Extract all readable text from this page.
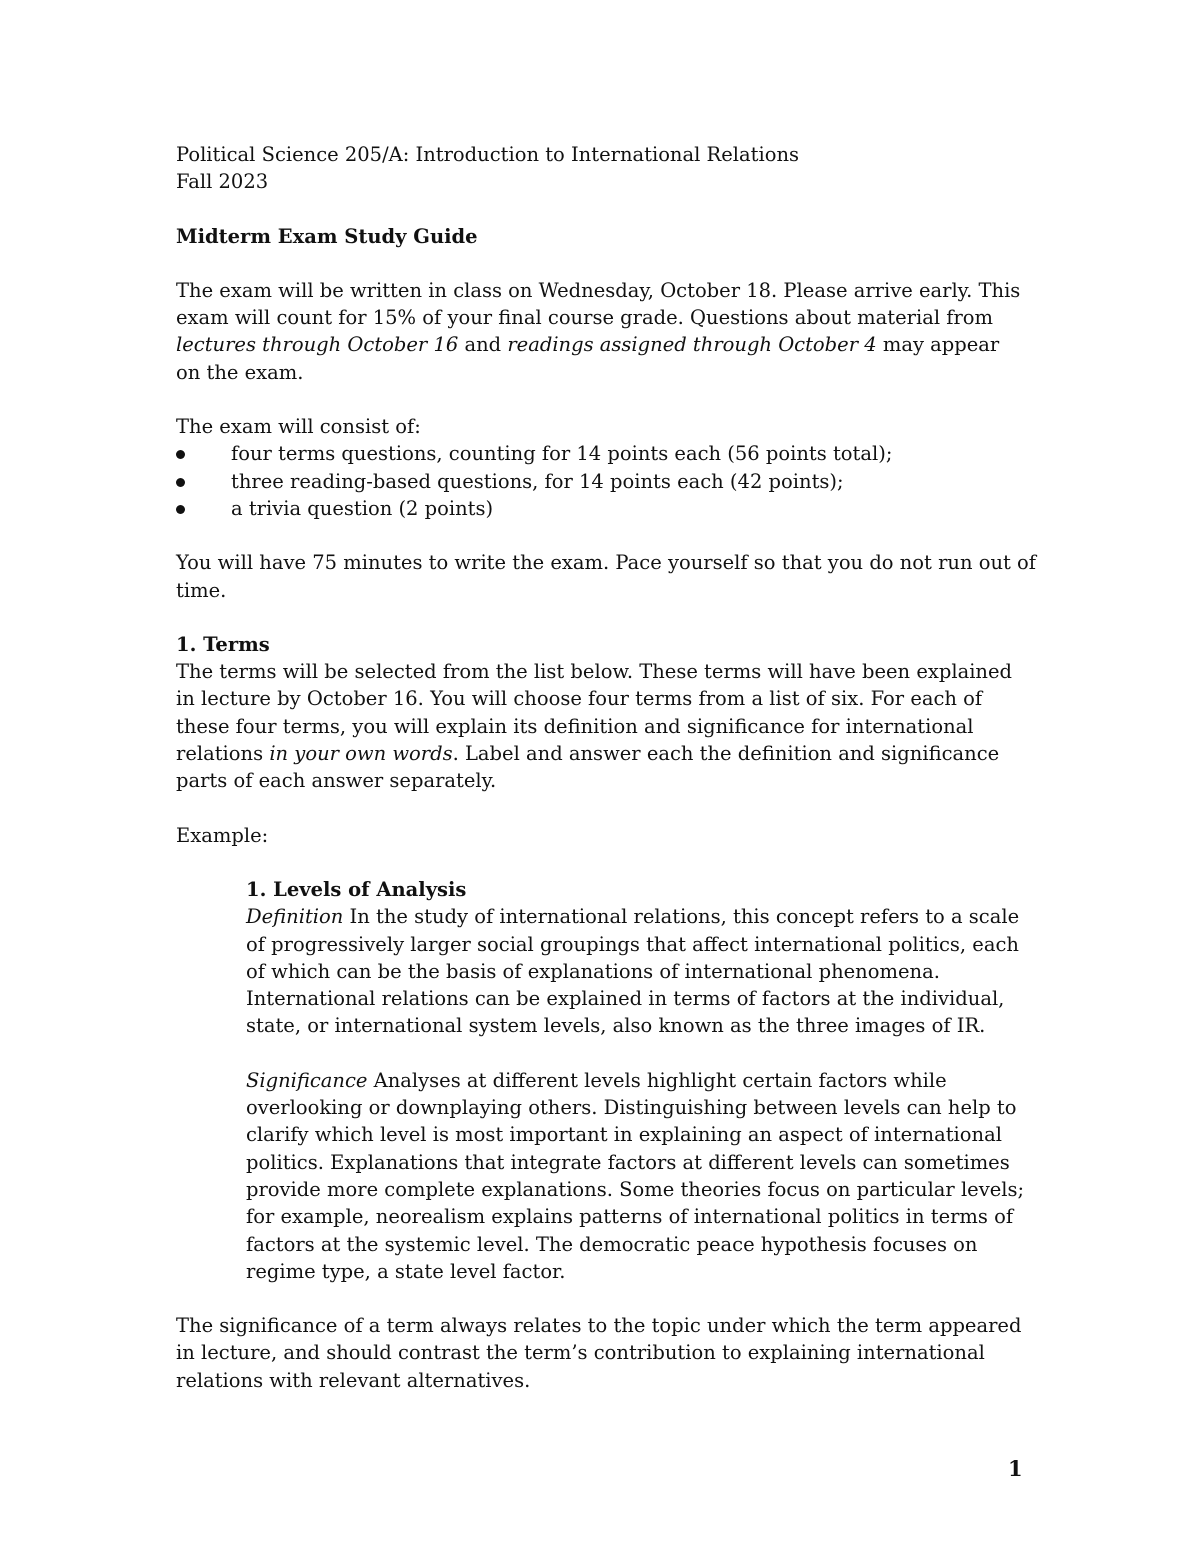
Political Science 205/A: Introduction to International Relations

Fall 2023

Midterm Exam Study Guide

The exam will be written in class on Wednesday, October 18. Please arrive early. This exam will count for 15% of your final course grade. Questions about material from lectures through October 16 and readings assigned through October 4 may appear on the exam.

The exam will consist of:

four terms questions, counting for 14 points each (56 points total);
three reading-based questions, for 14 points each (42 points);
a trivia question (2 points)

You will have 75 minutes to write the exam. Pace yourself so that you do not run out of time.

1. Terms

The terms will be selected from the list below. These terms will have been explained in lecture by October 16. You will choose four terms from a list of six. For each of these four terms, you will explain its definition and significance for international relations in your own words. Label and answer each the definition and significance parts of each answer separately.

Example:

1. Levels of Analysis

Definition In the study of international relations, this concept refers to a scale of progressively larger social groupings that affect international politics, each of which can be the basis of explanations of international phenomena. International relations can be explained in terms of factors at the individual, state, or international system levels, also known as the three images of IR.

Significance Analyses at different levels highlight certain factors while overlooking or downplaying others. Distinguishing between levels can help to clarify which level is most important in explaining an aspect of international politics. Explanations that integrate factors at different levels can sometimes provide more complete explanations. Some theories focus on particular levels; for example, neorealism explains patterns of international politics in terms of factors at the systemic level. The democratic peace hypothesis focuses on regime type, a state level factor.

The significance of a term always relates to the topic under which the term appeared in lecture, and should contrast the term’s contribution to explaining international relations with relevant alternatives.

1
